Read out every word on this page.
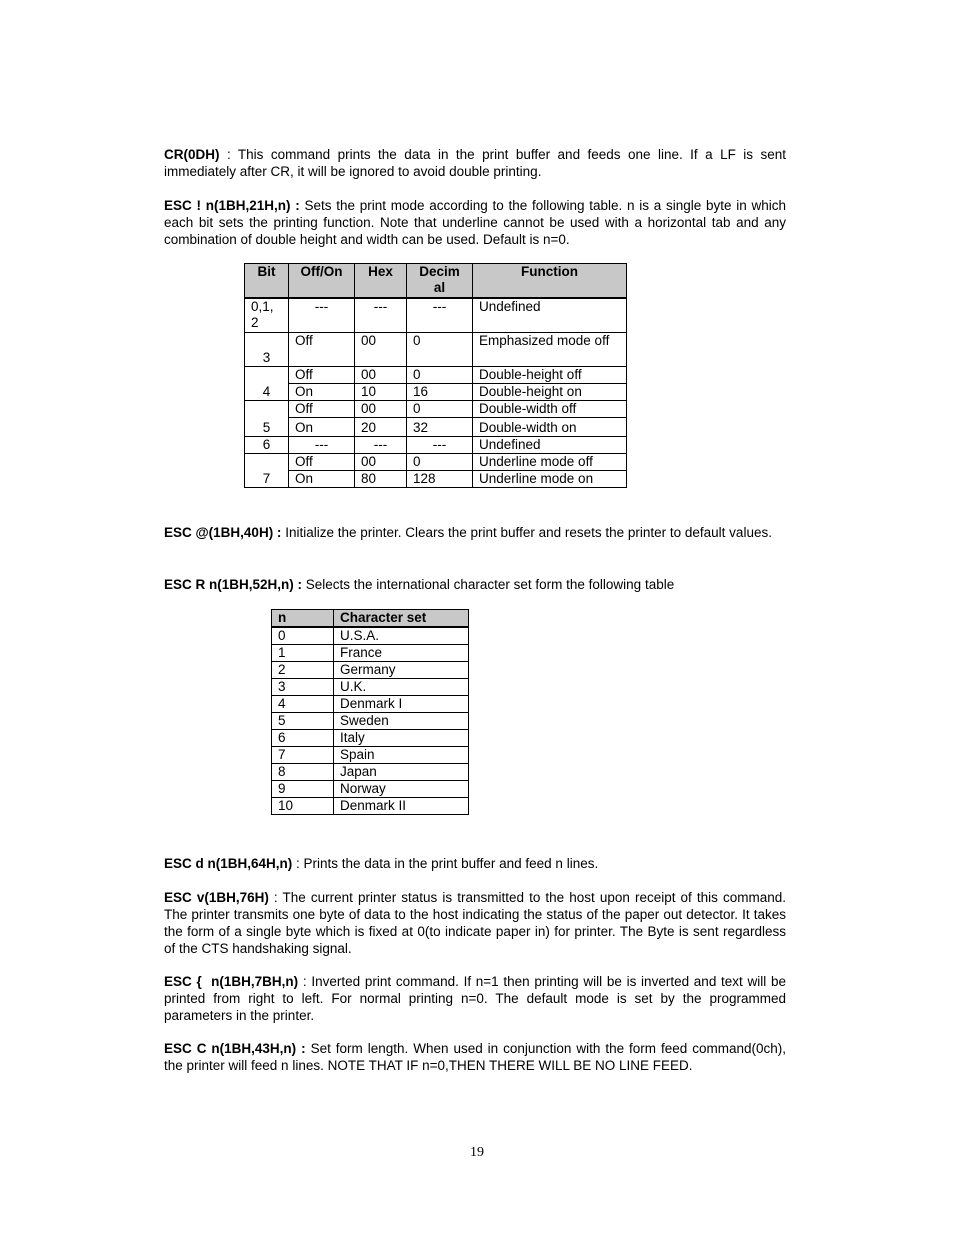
CR(0DH) : This command prints the data in the print buffer and feeds one line. If a LF is sent immediately after CR, it will be ignored to avoid double printing.
ESC ! n(1BH,21H,n) : Sets the print mode according to the following table. n is a single byte in which each bit sets the printing function. Note that underline cannot be used with a horizontal tab and any combination of double height and width can be used. Default is n=0.
Bit	Off/On	Hex	Decim al	Function
0,1, 2	---	---	---	Undefined
3	Off	00	0	Emphasized mode off
4	Off	00	0	Double-height off
	On	10	16	Double-height on
5	Off	00	0	Double-width off
	On	20	32	Double-width on
6	---	---	---	Undefined
7	Off	00	0	Underline mode off
	On	80	128	Underline mode on
ESC @(1BH,40H) : Initialize the printer. Clears the print buffer and resets the printer to default values.
ESC R n(1BH,52H,n) : Selects the international character set form the following table
n	Character set
0	U.S.A.
1	France
2	Germany
3	U.K.
4	Denmark I
5	Sweden
6	Italy
7	Spain
8	Japan
9	Norway
10	Denmark II
ESC d n(1BH,64H,n) : Prints the data in the print buffer and feed n lines.
ESC v(1BH,76H) : The current printer status is transmitted to the host upon receipt of this command. The printer transmits one byte of data to the host indicating the status of the paper out detector. It takes the form of a single byte which is fixed at 0(to indicate paper in) for printer. The Byte is sent regardless of the CTS handshaking signal.
ESC {  n(1BH,7BH,n) : Inverted print command. If n=1 then printing will be is inverted and text will be printed from right to left. For normal printing n=0. The default mode is set by the programmed parameters in the printer.
ESC C n(1BH,43H,n) : Set form length. When used in conjunction with the form feed command(0ch), the printer will feed n lines. NOTE THAT IF n=0,THEN THERE WILL BE NO LINE FEED.
19
